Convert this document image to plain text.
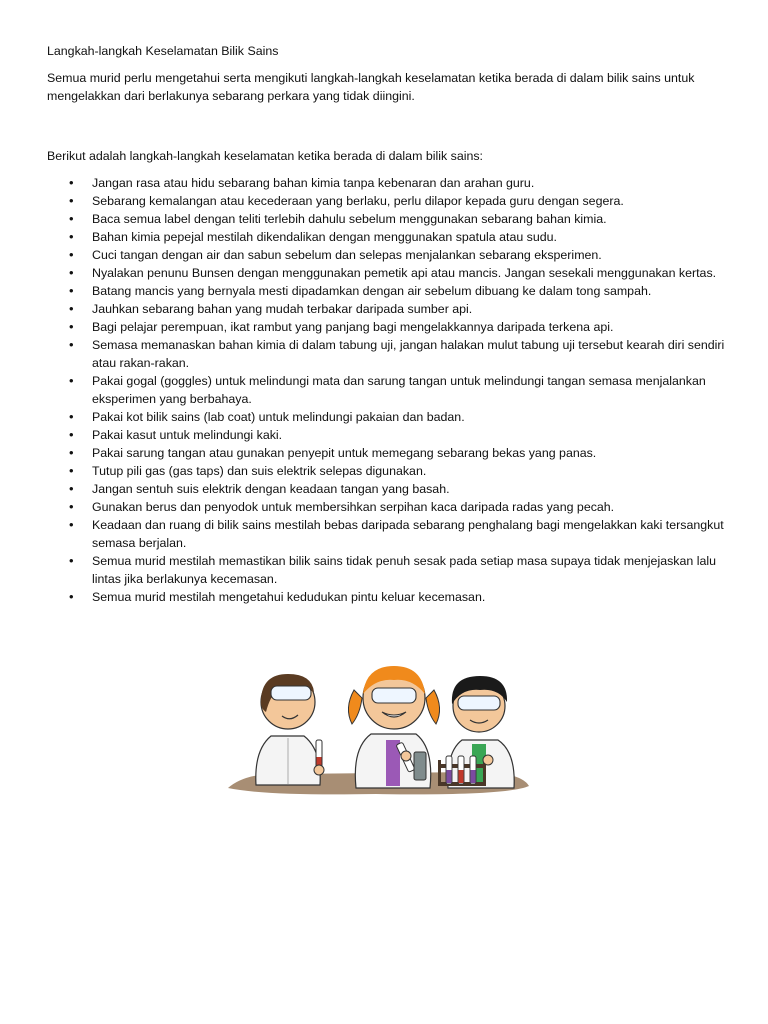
Langkah-langkah Keselamatan Bilik Sains

Semua murid perlu mengetahui serta mengikuti langkah-langkah keselamatan ketika berada di dalam bilik sains untuk mengelakkan dari berlakunya sebarang perkara yang tidak diingini.

Berikut adalah langkah-langkah keselamatan ketika berada di dalam bilik sains:

•	Jangan rasa atau hidu sebarang bahan kimia tanpa kebenaran dan arahan guru.
•	Sebarang kemalangan atau kecederaan yang berlaku, perlu dilapor kepada guru dengan segera.
•	Baca semua label dengan teliti terlebih dahulu sebelum menggunakan sebarang bahan kimia.
•	Bahan kimia pepejal mestilah dikendalikan dengan menggunakan spatula atau sudu.
•	Cuci tangan dengan air dan sabun sebelum dan selepas menjalankan sebarang eksperimen.
•	Nyalakan penunu Bunsen dengan menggunakan pemetik api atau mancis. Jangan sesekali menggunakan kertas.
•	Batang mancis yang bernyala mesti dipadamkan dengan air sebelum dibuang ke dalam tong sampah.
•	Jauhkan sebarang bahan yang mudah terbakar daripada sumber api.
•	Bagi pelajar perempuan, ikat rambut yang panjang bagi mengelakkannya daripada terkena api.
•	Semasa memanaskan bahan kimia di dalam tabung uji, jangan halakan mulut tabung uji tersebut kearah diri sendiri atau rakan-rakan.
•	Pakai gogal (goggles) untuk melindungi mata dan sarung tangan untuk melindungi tangan semasa menjalankan eksperimen yang berbahaya.
•	Pakai kot bilik sains (lab coat) untuk melindungi pakaian dan badan.
•	Pakai kasut untuk melindungi kaki.
•	Pakai sarung tangan atau gunakan penyepit untuk memegang sebarang bekas yang panas.
•	Tutup pili gas (gas taps) dan suis elektrik selepas digunakan.
•	Jangan sentuh suis elektrik dengan keadaan tangan yang basah.
•	Gunakan berus dan penyodok untuk membersihkan serpihan kaca daripada radas yang pecah.
•	Keadaan dan ruang di bilik sains mestilah bebas daripada sebarang penghalang bagi mengelakkan kaki tersangkut semasa berjalan.
•	Semua murid mestilah memastikan bilik sains tidak penuh sesak pada setiap masa supaya tidak menjejaskan lalu lintas jika berlakunya kecemasan.
•	Semua murid mestilah mengetahui kedudukan pintu keluar kecemasan.
